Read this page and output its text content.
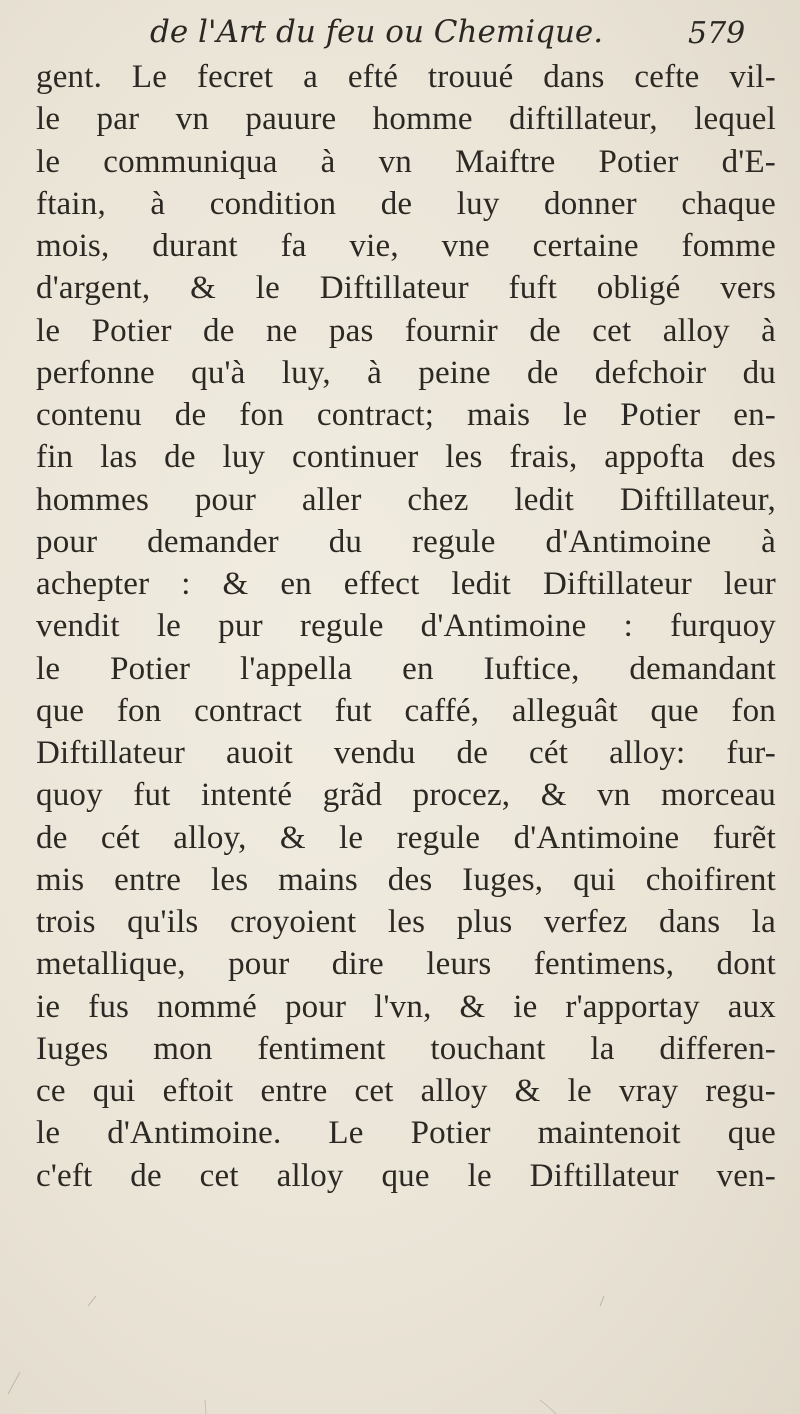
de l'Art du feu ou Chemique.	579
gent. Le fecret a efté trouué dans cefte vil-
le par vn pauure homme diftillateur, lequel
le communiqua à vn Maiftre Potier d'E-
ftain, à condition de luy donner chaque
mois, durant fa vie, vne certaine fomme
d'argent, & le Diftillateur fuft obligé vers
le Potier de ne pas fournir de cet alloy à
perfonne qu'à luy, à peine de defchoir du
contenu de fon contract; mais le Potier en-
fin las de luy continuer les frais, appofta des
hommes pour aller chez ledit Diftillateur,
pour demander du regule d'Antimoine à
achepter : & en effect ledit Diftillateur leur
vendit le pur regule d'Antimoine : furquoy
le Potier l'appella en Iuftice, demandant
que fon contract fut caffé, alleguât que fon
Diftillateur auoit vendu de cét alloy: fur-
quoy fut intenté grãd procez, & vn morceau
de cét alloy, & le regule d'Antimoine furẽt
mis entre les mains des Iuges, qui choifirent
trois qu'ils croyoient les plus verfez dans la
metallique, pour dire leurs fentimens, dont
ie fus nommé pour l'vn, & ie r'apportay aux
Iuges mon fentiment touchant la differen-
ce qui eftoit entre cet alloy & le vray regu-
le d'Antimoine. Le Potier maintenoit que
c'eft de cet alloy que le Diftillateur ven-
